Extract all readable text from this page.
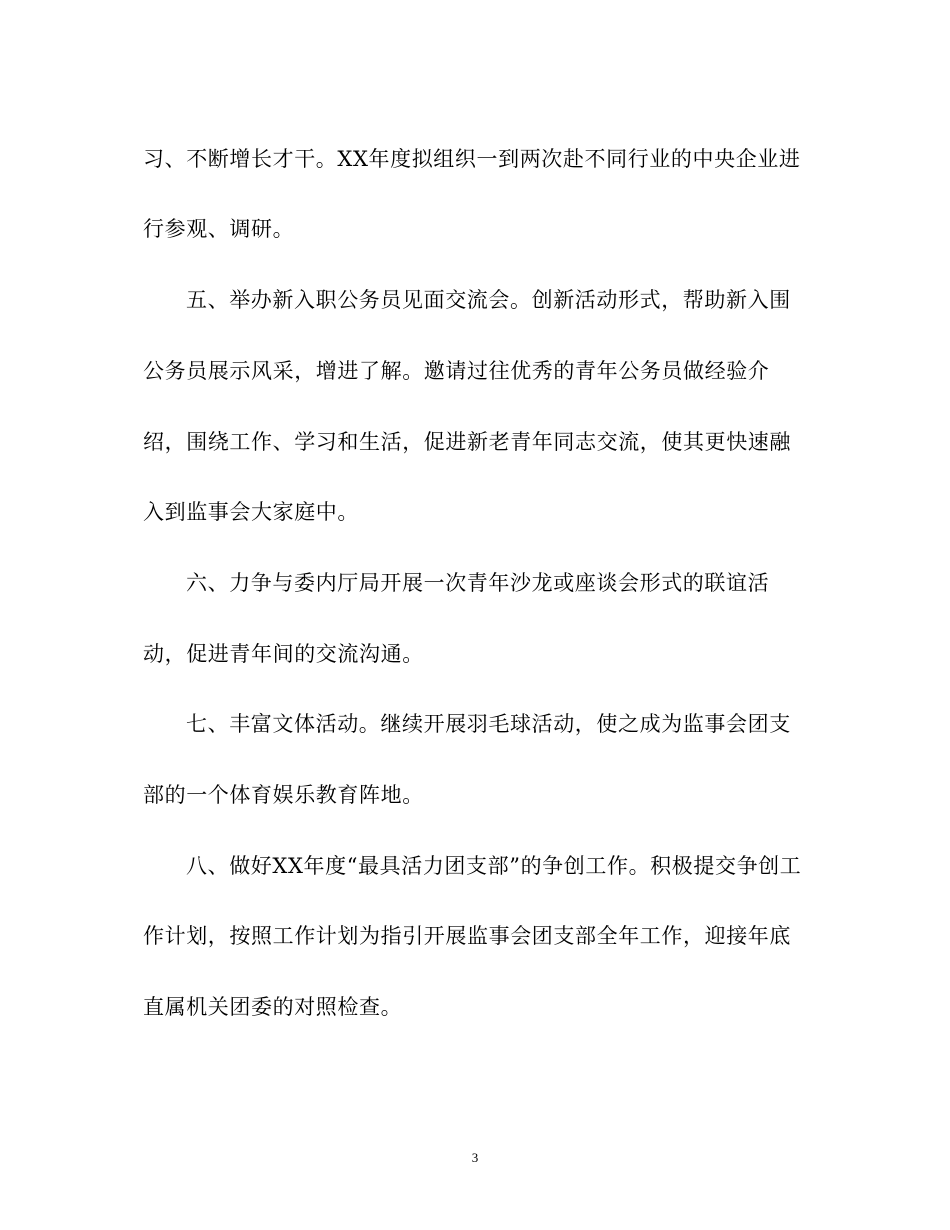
习、不断增长才干。XX年度拟组织一到两次赴不同行业的中央企业进
行参观、调研。
五、举办新入职公务员见面交流会。创新活动形式，帮助新入围
公务员展示风采，增进了解。邀请过往优秀的青年公务员做经验介
绍，围绕工作、学习和生活，促进新老青年同志交流，使其更快速融
入到监事会大家庭中。
六、力争与委内厅局开展一次青年沙龙或座谈会形式的联谊活
动，促进青年间的交流沟通。
七、丰富文体活动。继续开展羽毛球活动，使之成为监事会团支
部的一个体育娱乐教育阵地。
八、做好XX年度“最具活力团支部”的争创工作。积极提交争创工
作计划，按照工作计划为指引开展监事会团支部全年工作，迎接年底
直属机关团委的对照检查。
3
